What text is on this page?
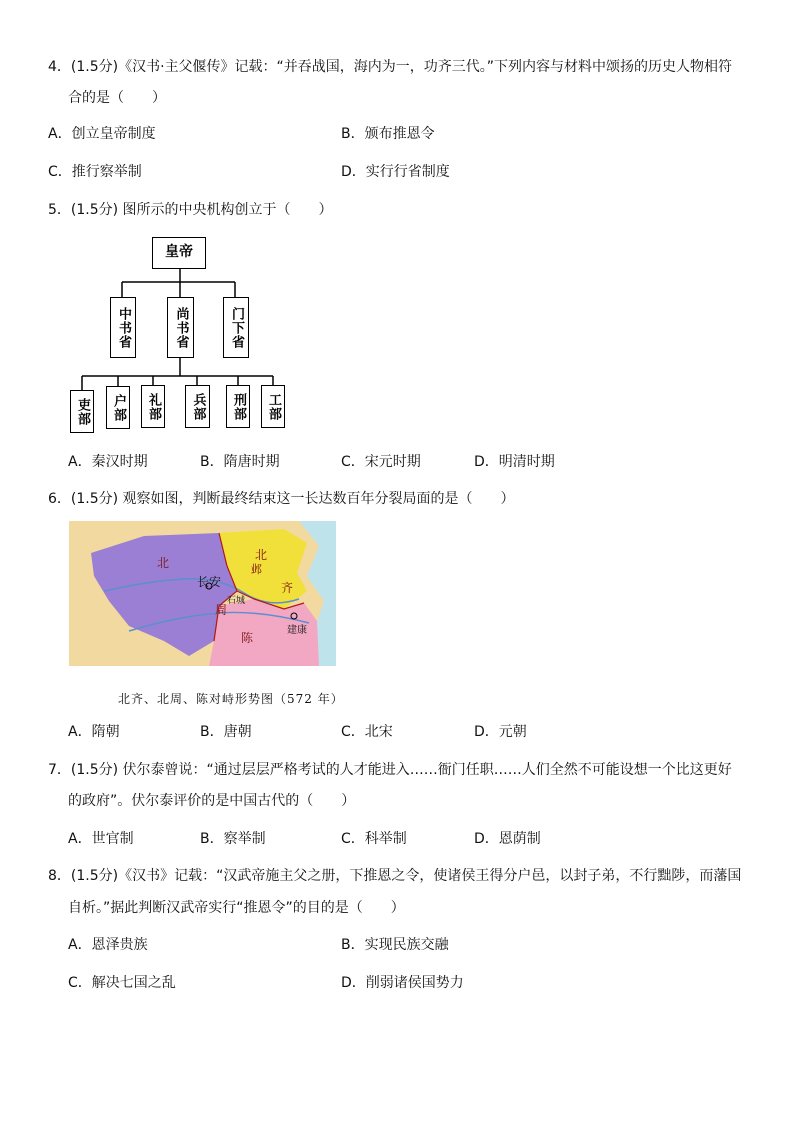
4．(1.5分)《汉书·主父偃传》记载：“并吞战国，海内为一，功齐三代。”下列内容与材料中颂扬的历史人物相符
合的是（　　）
A．创立皇帝制度	B．颁布推恩令
C．推行察举制	D．实行行省制度
5．(1.5分) 图所示的中央机构创立于（　　）
皇帝
中书省	尚书省	门下省
吏部	户部	礼部	兵部	刑部	工部
A．秦汉时期	B．隋唐时期	C．宋元时期	D．明清时期
6．(1.5分) 观察如图，判断最终结束这一长达数百年分裂局面的是（　　）
北
北
长安
周
邺
齐
建康
陈
石城
北齐、北周、陈对峙形势图（572 年）
A．隋朝	B．唐朝	C．北宋	D．元朝
7．(1.5分) 伏尔泰曾说：“通过层层严格考试的人才能进入……衙门任职……人们全然不可能设想一个比这更好
的政府”。伏尔泰评价的是中国古代的（　　）
A．世官制	B．察举制	C．科举制	D．恩荫制
8．(1.5分)《汉书》记载：“汉武帝施主父之册，下推恩之令，使诸侯王得分户邑，以封子弟，不行黜陟，而藩国
自析。”据此判断汉武帝实行“推恩令”的目的是（　　）
A．恩泽贵族	B．实现民族交融
C．解决七国之乱	D．削弱诸侯国势力
